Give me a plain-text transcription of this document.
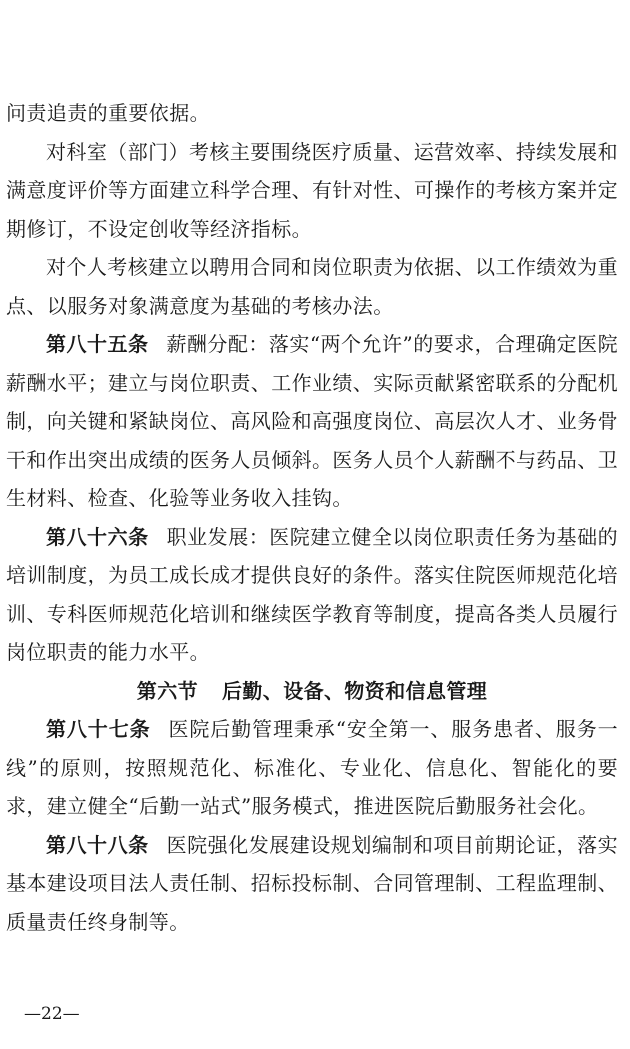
问责追责的重要依据。

对科室（部门）考核主要围绕医疗质量、运营效率、持续发展和满意度评价等方面建立科学合理、有针对性、可操作的考核方案并定期修订，不设定创收等经济指标。

对个人考核建立以聘用合同和岗位职责为依据、以工作绩效为重点、以服务对象满意度为基础的考核办法。

第八十五条 薪酬分配：落实“两个允许”的要求，合理确定医院薪酬水平；建立与岗位职责、工作业绩、实际贡献紧密联系的分配机制，向关键和紧缺岗位、高风险和高强度岗位、高层次人才、业务骨干和作出突出成绩的医务人员倾斜。医务人员个人薪酬不与药品、卫生材料、检查、化验等业务收入挂钩。

第八十六条 职业发展：医院建立健全以岗位职责任务为基础的培训制度，为员工成长成才提供良好的条件。落实住院医师规范化培训、专科医师规范化培训和继续医学教育等制度，提高各类人员履行岗位职责的能力水平。

第六节 后勤、设备、物资和信息管理

第八十七条 医院后勤管理秉承“安全第一、服务患者、服务一线”的原则，按照规范化、标准化、专业化、信息化、智能化的要求，建立健全“后勤一站式”服务模式，推进医院后勤服务社会化。

第八十八条 医院强化发展建设规划编制和项目前期论证，落实基本建设项目法人责任制、招标投标制、合同管理制、工程监理制、质量责任终身制等。

—22—
